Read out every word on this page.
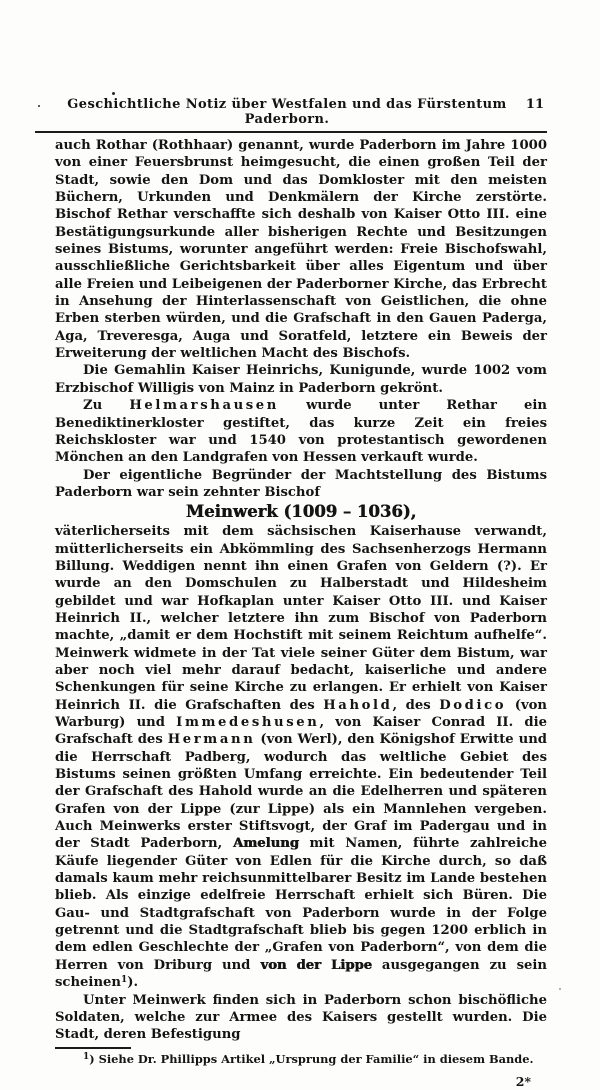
Geschichtliche Notiz über Westfalen und das Fürstentum Paderborn.
11

auch Rothar (Rothhaar) genannt, wurde Paderborn im Jahre 1000 von einer Feuersbrunst heimgesucht, die einen großen Teil der Stadt, sowie den Dom und das Domkloster mit den meisten Büchern, Urkunden und Denkmälern der Kirche zerstörte. Bischof Rethar verschaffte sich deshalb von Kaiser Otto III. eine Bestätigungsurkunde aller bisherigen Rechte und Besitzungen seines Bistums, worunter angeführt werden: Freie Bischofswahl, ausschließliche Gerichtsbarkeit über alles Eigentum und über alle Freien und Leibeigenen der Paderborner Kirche, das Erbrecht in Ansehung der Hinterlassenschaft von Geistlichen, die ohne Erben sterben würden, und die Grafschaft in den Gauen Paderga, Aga, Treveresga, Auga und Soratfeld, letztere ein Beweis der Erweiterung der weltlichen Macht des Bischofs.

Die Gemahlin Kaiser Heinrichs, Kunigunde, wurde 1002 vom Erzbischof Willigis von Mainz in Paderborn gekrönt.

Zu Helmarshausen wurde unter Rethar ein Benediktinerkloster gestiftet, das kurze Zeit ein freies Reichskloster war und 1540 von protestantisch gewordenen Mönchen an den Landgrafen von Hessen verkauft wurde.

Der eigentliche Begründer der Machtstellung des Bistums Paderborn war sein zehnter Bischof

Meinwerk (1009 – 1036),

väterlicherseits mit dem sächsischen Kaiserhause verwandt, mütterlicherseits ein Abkömmling des Sachsenherzogs Hermann Billung. Weddigen nennt ihn einen Grafen von Geldern (?). Er wurde an den Domschulen zu Halberstadt und Hildesheim gebildet und war Hofkaplan unter Kaiser Otto III. und Kaiser Heinrich II., welcher letztere ihn zum Bischof von Paderborn machte, „damit er dem Hochstift mit seinem Reichtum aufhelfe“. Meinwerk widmete in der Tat viele seiner Güter dem Bistum, war aber noch viel mehr darauf bedacht, kaiserliche und andere Schenkungen für seine Kirche zu erlangen. Er erhielt von Kaiser Heinrich II. die Grafschaften des Hahold, des Dodico (von Warburg) und Immedeshusen, von Kaiser Conrad II. die Grafschaft des Hermann (von Werl), den Königshof Erwitte und die Herrschaft Padberg, wodurch das weltliche Gebiet des Bistums seinen größten Umfang erreichte. Ein bedeutender Teil der Grafschaft des Hahold wurde an die Edelherren und späteren Grafen von der Lippe (zur Lippe) als ein Mannlehen vergeben. Auch Meinwerks erster Stiftsvogt, der Graf im Padergau und in der Stadt Paderborn, Amelung mit Namen, führte zahlreiche Käufe liegender Güter von Edlen für die Kirche durch, so daß damals kaum mehr reichsunmittelbarer Besitz im Lande bestehen blieb. Als einzige edelfreie Herrschaft erhielt sich Büren. Die Gau- und Stadtgrafschaft von Paderborn wurde in der Folge getrennt und die Stadtgrafschaft blieb bis gegen 1200 erblich in dem edlen Geschlechte der „Grafen von Paderborn“, von dem die Herren von Driburg und von der Lippe ausgegangen zu sein scheinen$^1$).

Unter Meinwerk finden sich in Paderborn schon bischöfliche Soldaten, welche zur Armee des Kaisers gestellt wurden. Die Stadt, deren Befestigung

$^1$) Siehe Dr. Phillipps Artikel „Ursprung der Familie“ in diesem Bande.

2*
